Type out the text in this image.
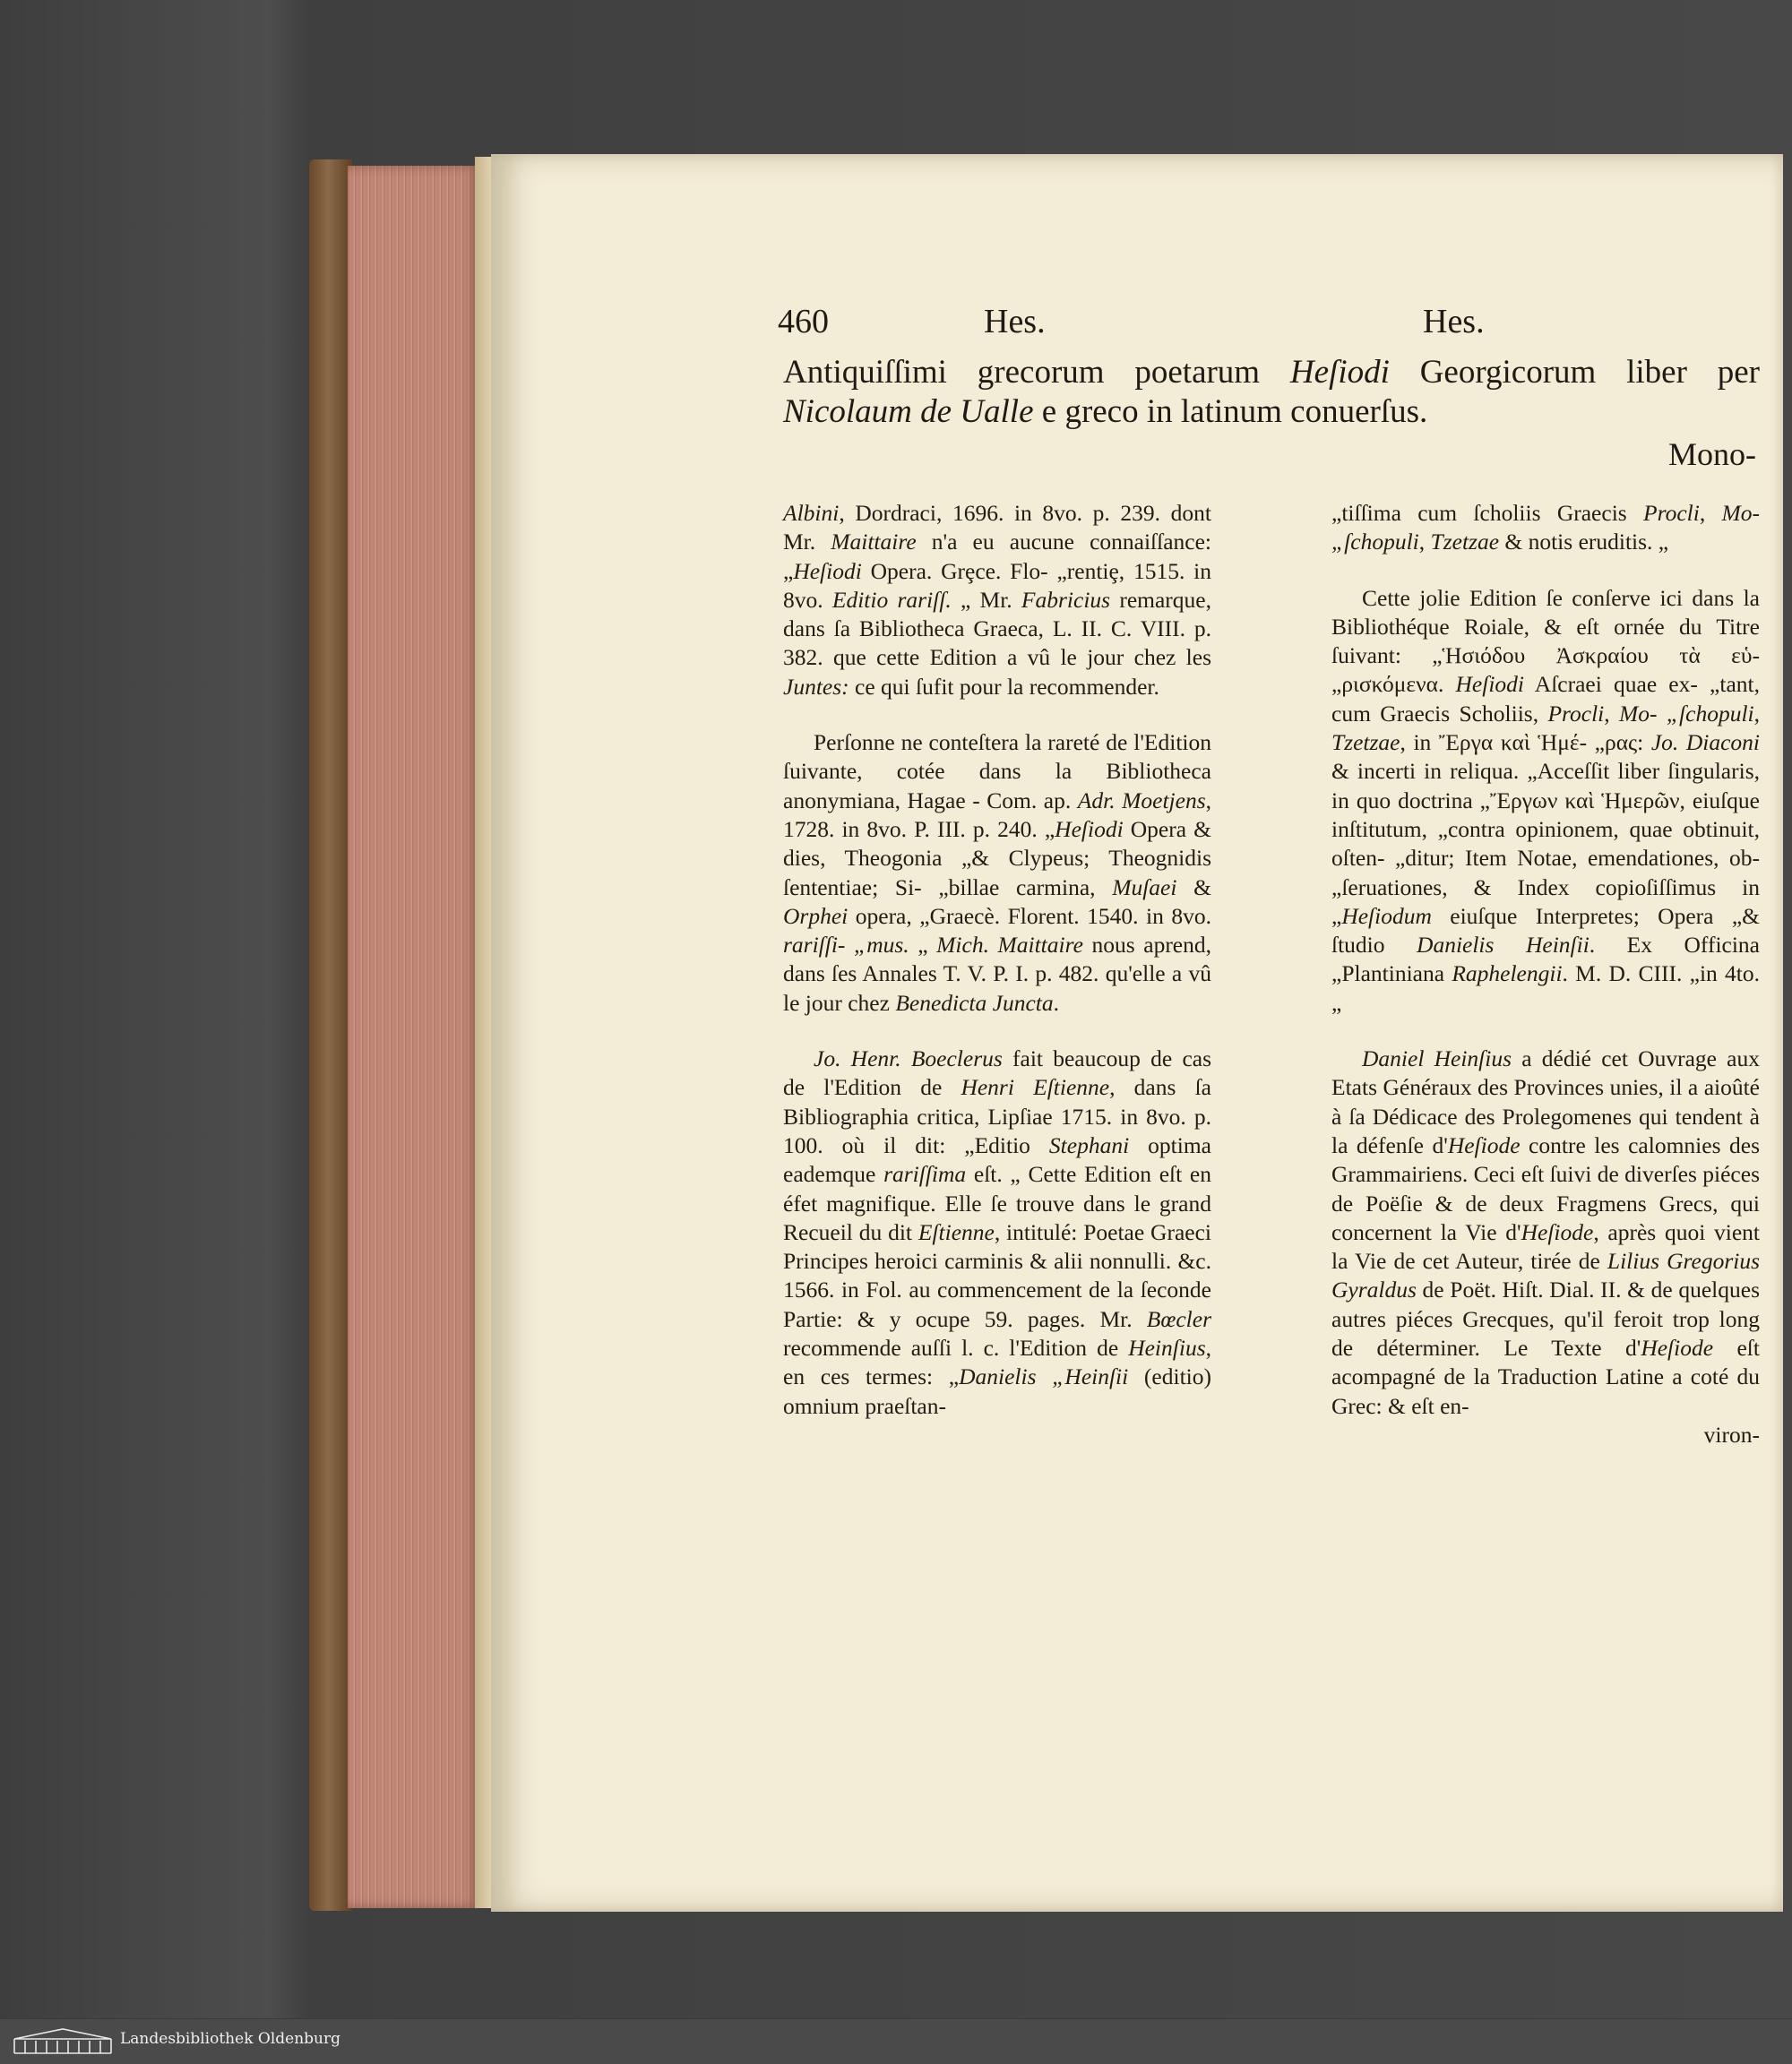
460	Hes.	Hes.
Antiquiſſimi grecorum poetarum Heſiodi Georgicorum liber per Nicolaum de Ualle e greco in latinum conuerſus.
Mono-

Albini, Dordraci, 1696. in 8vo. p. 239. dont Mr. Maittaire n'a eu aucune connaiſſance: „Heſiodi Opera. Grȩce. Flo- „rentiȩ, 1515. in 8vo. Editio rariſſ. „ Mr. Fabricius remarque, dans ſa Bibliotheca Graeca, L. II. C. VIII. p. 382. que cette Edition a vû le jour chez les Juntes: ce qui ſufit pour la recommender.

Perſonne ne conteſtera la rareté de l'Edition ſuivante, cotée dans la Bibliotheca anonymiana, Hagae - Com. ap. Adr. Moetjens, 1728. in 8vo. P. III. p. 240. „Heſiodi Opera & dies, Theogonia „& Clypeus; Theognidis ſententiae; Si- „billae carmina, Muſaei & Orphei opera, „Graecè. Florent. 1540. in 8vo. rariſſi- „mus. „ Mich. Maittaire nous aprend, dans ſes Annales T. V. P. I. p. 482. qu'elle a vû le jour chez Benedicta Juncta.

Jo. Henr. Boeclerus fait beaucoup de cas de l'Edition de Henri Eſtienne, dans ſa Bibliographia critica, Lipſiae 1715. in 8vo. p. 100. où il dit: „Editio Stephani optima eademque rariſſima eſt. „ Cette Edition eſt en éfet magnifique. Elle ſe trouve dans le grand Recueil du dit Eſtienne, intitulé: Poetae Graeci Principes heroici carminis & alii nonnulli. &c. 1566. in Fol. au commencement de la ſeconde Partie: & y ocupe 59. pages. Mr. Bœcler recommende auſſi l. c. l'Edition de Heinſius, en ces termes: „Danielis „Heinſii (editio) omnium praeſtan-

„tiſſima cum ſcholiis Graecis Procli, Mo- „ſchopuli, Tzetzae & notis eruditis. „

Cette jolie Edition ſe conſerve ici dans la Bibliothéque Roiale, & eſt ornée du Titre ſuivant: „Ἡσιόδου Ἀσκραίου τὰ εὑ- „ρισκόμενα. Heſiodi Aſcraei quae ex- „tant, cum Graecis Scholiis, Procli, Mo- „ſchopuli, Tzetzae, in Ἔργα καὶ Ἡμέ- „ρας: Jo. Diaconi & incerti in reliqua. „Acceſſit liber ſingularis, in quo doctrina „Ἔργων καὶ Ἡμερῶν, eiuſque inſtitutum, „contra opinionem, quae obtinuit, oſten- „ditur; Item Notae, emendationes, ob- „ſeruationes, & Index copioſiſſimus in „Heſiodum eiuſque Interpretes; Opera „& ſtudio Danielis Heinſii. Ex Officina „Plantiniana Raphelengii. M. D. CIII. „in 4to. „

Daniel Heinſius a dédié cet Ouvrage aux Etats Généraux des Provinces unies, il a aioûté à ſa Dédicace des Prolegomenes qui tendent à la défenſe d'Heſiode contre les calomnies des Grammairiens. Ceci eſt ſuivi de diverſes piéces de Poëſie & de deux Fragmens Grecs, qui concernent la Vie d'Heſiode, après quoi vient la Vie de cet Auteur, tirée de Lilius Gregorius Gyraldus de Poët. Hiſt. Dial. II. & de quelques autres piéces Grecques, qu'il feroit trop long de déterminer. Le Texte d'Heſiode eſt acompagné de la Traduction Latine a coté du Grec: & eſt en-

viron-

Landesbibliothek Oldenburg
